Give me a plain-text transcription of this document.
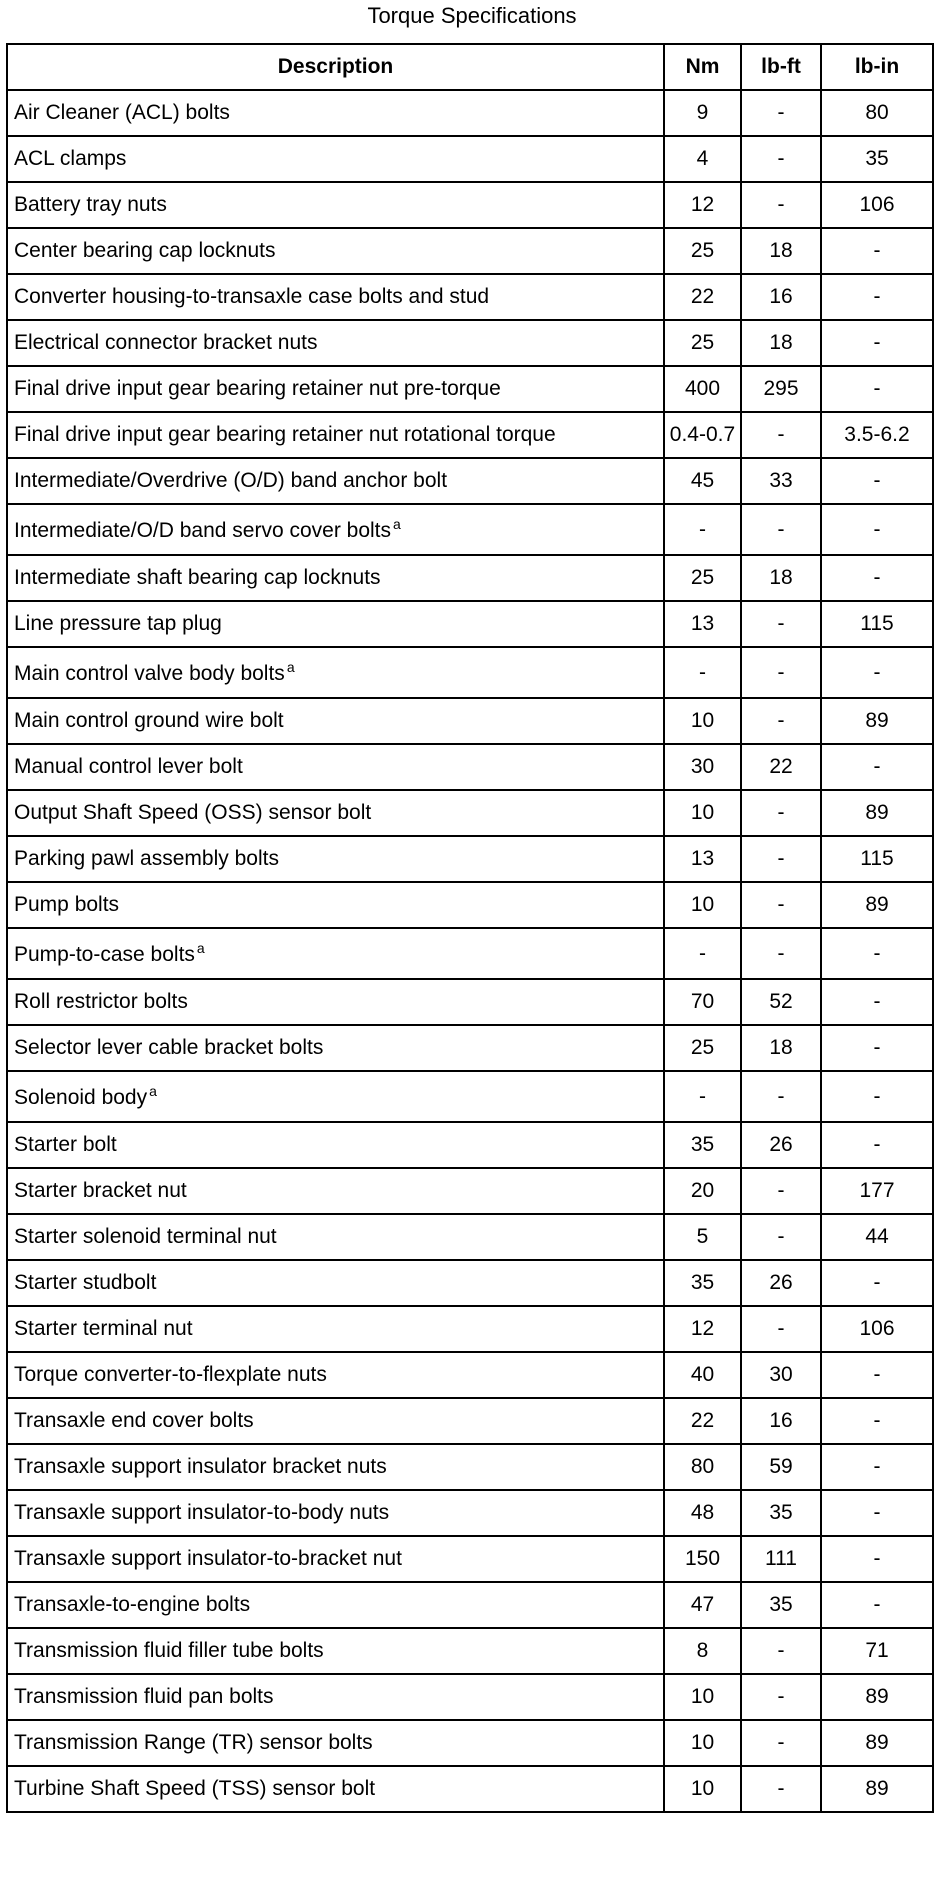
Torque Specifications
Description	Nm	lb-ft	lb-in
Air Cleaner (ACL) bolts	9	-	80
ACL clamps	4	-	35
Battery tray nuts	12	-	106
Center bearing cap locknuts	25	18	-
Converter housing-to-transaxle case bolts and stud	22	16	-
Electrical connector bracket nuts	25	18	-
Final drive input gear bearing retainer nut pre-torque	400	295	-
Final drive input gear bearing retainer nut rotational torque	0.4-0.7	-	3.5-6.2
Intermediate/Overdrive (O/D) band anchor bolt	45	33	-
Intermediate/O/D band servo cover bolts $^a$	-	-	-
Intermediate shaft bearing cap locknuts	25	18	-
Line pressure tap plug	13	-	115
Main control valve body bolts $^a$	-	-	-
Main control ground wire bolt	10	-	89
Manual control lever bolt	30	22	-
Output Shaft Speed (OSS) sensor bolt	10	-	89
Parking pawl assembly bolts	13	-	115
Pump bolts	10	-	89
Pump-to-case bolts $^a$	-	-	-
Roll restrictor bolts	70	52	-
Selector lever cable bracket bolts	25	18	-
Solenoid body $^a$	-	-	-
Starter bolt	35	26	-
Starter bracket nut	20	-	177
Starter solenoid terminal nut	5	-	44
Starter studbolt	35	26	-
Starter terminal nut	12	-	106
Torque converter-to-flexplate nuts	40	30	-
Transaxle end cover bolts	22	16	-
Transaxle support insulator bracket nuts	80	59	-
Transaxle support insulator-to-body nuts	48	35	-
Transaxle support insulator-to-bracket nut	150	111	-
Transaxle-to-engine bolts	47	35	-
Transmission fluid filler tube bolts	8	-	71
Transmission fluid pan bolts	10	-	89
Transmission Range (TR) sensor bolts	10	-	89
Turbine Shaft Speed (TSS) sensor bolt	10	-	89
